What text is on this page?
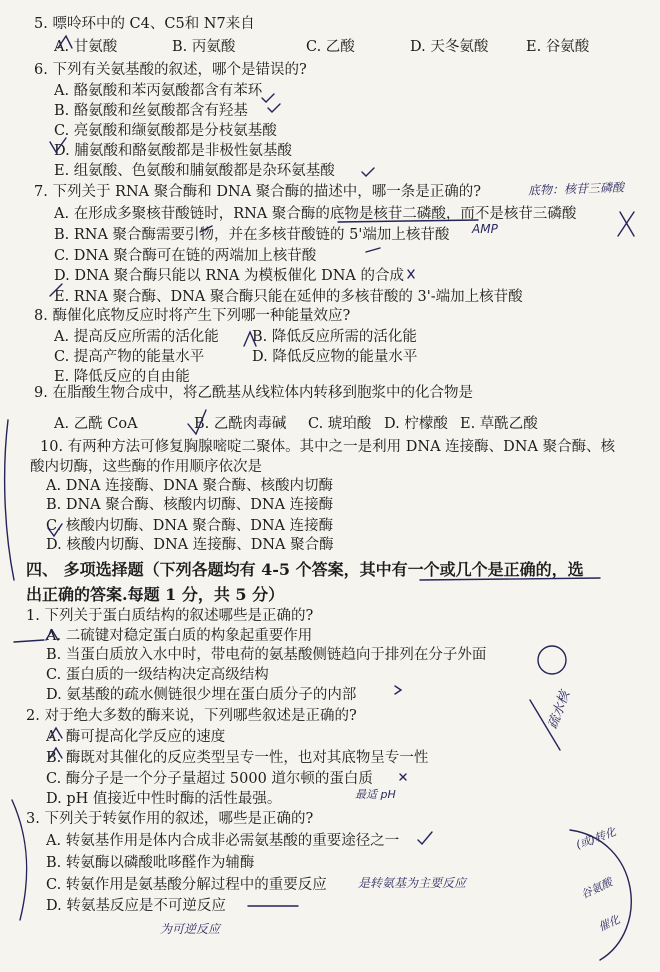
5. 嘌呤环中的 C4、C5和 N7来自
A. 甘氨酸	B. 丙氨酸	C. 乙酸	D. 天冬氨酸	E. 谷氨酸
6. 下列有关氨基酸的叙述，哪个是错误的?
A. 酪氨酸和苯丙氨酸都含有苯环
B. 酪氨酸和丝氨酸都含有羟基
C. 亮氨酸和缬氨酸都是分枝氨基酸
D. 脯氨酸和酪氨酸都是非极性氨基酸
E. 组氨酸、色氨酸和脯氨酸都是杂环氨基酸
7. 下列关于 RNA 聚合酶和 DNA 聚合酶的描述中，哪一条是正确的?
A. 在形成多聚核苷酸链时，RNA 聚合酶的底物是核苷二磷酸，而不是核苷三磷酸
B. RNA 聚合酶需要引物，并在多核苷酸链的 5'端加上核苷酸
C. DNA 聚合酶可在链的两端加上核苷酸
D. DNA 聚合酶只能以 RNA 为模板催化 DNA 的合成
E. RNA 聚合酶、DNA 聚合酶只能在延伸的多核苷酸的 3'-端加上核苷酸
8. 酶催化底物反应时将产生下列哪一种能量效应?
A. 提高反应所需的活化能	B. 降低反应所需的活化能
C. 提高产物的能量水平	D. 降低反应物的能量水平
E. 降低反应的自由能
9. 在脂酸生物合成中，将乙酰基从线粒体内转移到胞浆中的化合物是
A. 乙酰 CoA	B. 乙酰肉毒碱	C. 琥珀酸 D. 柠檬酸 E. 草酰乙酸
10. 有两种方法可修复胸腺嘧啶二聚体。其中之一是利用 DNA 连接酶、DNA 聚合酶、核
酸内切酶，这些酶的作用顺序依次是
A. DNA 连接酶、DNA 聚合酶、核酸内切酶
B. DNA 聚合酶、核酸内切酶、DNA 连接酶
C. 核酸内切酶、DNA 聚合酶、DNA 连接酶
D. 核酸内切酶、DNA 连接酶、DNA 聚合酶
四、 多项选择题（下列各题均有 4-5 个答案，其中有一个或几个是正确的，选
出正确的答案.每题 1 分，共 5 分）
1. 下列关于蛋白质结构的叙述哪些是正确的?
A. 二硫键对稳定蛋白质的构象起重要作用
B. 当蛋白质放入水中时，带电荷的氨基酸侧链趋向于排列在分子外面
C. 蛋白质的一级结构决定高级结构
D. 氨基酸的疏水侧链很少埋在蛋白质分子的内部
2. 对于绝大多数的酶来说，下列哪些叙述是正确的?
A. 酶可提高化学反应的速度
B. 酶既对其催化的反应类型呈专一性，也对其底物呈专一性
C. 酶分子是一个分子量超过 5000 道尔顿的蛋白质
D. pH 值接近中性时酶的活性最强。
3. 下列关于转氨作用的叙述，哪些是正确的?
A. 转氨基作用是体内合成非必需氨基酸的重要途径之一
B. 转氨酶以磷酸吡哆醛作为辅酶
C. 转氨作用是氨基酸分解过程中的重要反应
D. 转氨基反应是不可逆反应
底物：核苷三磷酸
AMP
疏水核
最适 pH
是转氨基为主要反应
为可逆反应
(或)转化
谷氨酸
催化
